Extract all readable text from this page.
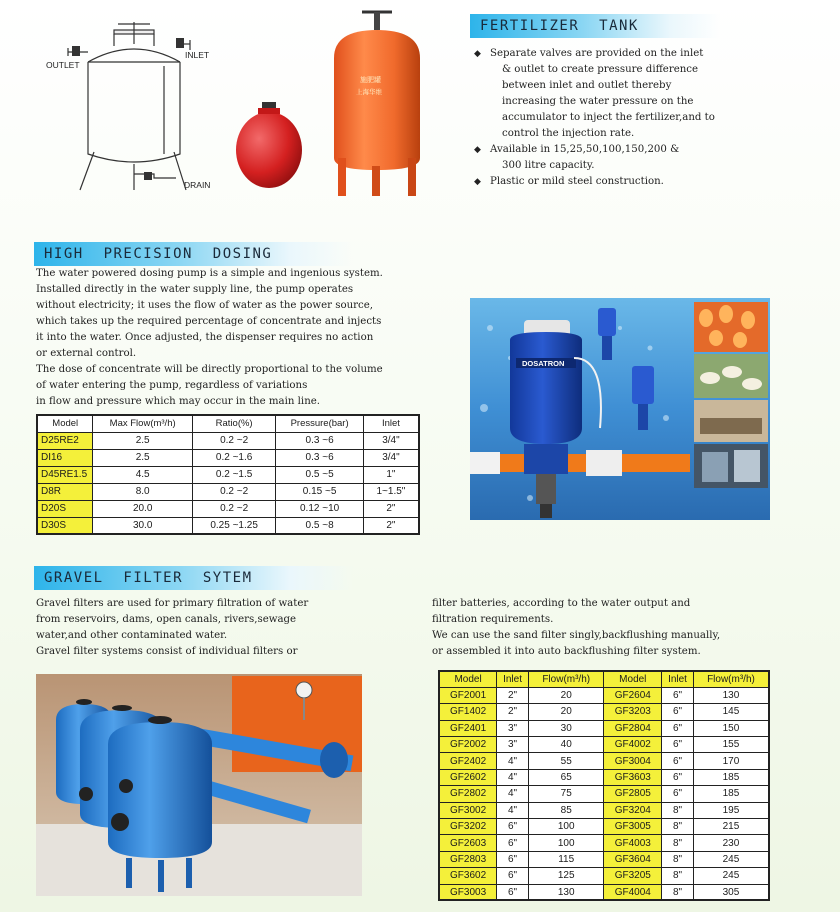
OUTLET
INLET
DRAIN
施肥罐
上海华维
FERTILIZER  TANK
◆ Separate valves are provided on the inlet
& outlet to create pressure difference
between inlet and outlet thereby
increasing the water pressure on the
accumulator to inject the fertilizer,and to
control the injection rate.
◆ Available in 15,25,50,100,150,200 &
300 litre capacity.
◆ Plastic or mild steel construction.
HIGH  PRECISION  DOSING
The water powered dosing pump is a simple and ingenious system.
Installed directly in the water supply line, the pump operates
without electricity; it uses the flow of water as the power source,
which takes up the required percentage of concentrate and injects
it into the water. Once adjusted, the dispenser requires no action
or external control.
The dose of concentrate will be directly proportional to the volume
of water entering the pump, regardless of variations
in flow and pressure which may occur in the main line.
Model	Max Flow(m³/h)	Ratio(%)	Pressure(bar)	Inlet
D25RE2	2.5	0.2 ~2	0.3 ~6	3/4"
DI16	2.5	0.2 ~1.6	0.3 ~6	3/4"
D45RE1.5	4.5	0.2 ~1.5	0.5 ~5	1"
D8R	8.0	0.2 ~2	0.15 ~5	1~1.5"
D20S	20.0	0.2 ~2	0.12 ~10	2"
D30S	30.0	0.25 ~1.25	0.5 ~8	2"
DOSATRON
GRAVEL  FILTER  SYTEM
Gravel filters are used for primary filtration of water
from reservoirs, dams, open canals, rivers,sewage
water,and other contaminated water.
Gravel filter systems consist of individual filters or
filter batteries, according to the water output and
filtration requirements.
We can use the sand filter singly,backflushing manually,
or assembled it into auto backflushing filter system.
Model	Inlet	Flow(m³/h)	Model	Inlet	Flow(m³/h)
GF2001	2"	20	GF2604	6"	130
GF1402	2"	20	GF3203	6"	145
GF2401	3"	30	GF2804	6"	150
GF2002	3"	40	GF4002	6"	155
GF2402	4"	55	GF3004	6"	170
GF2602	4"	65	GF3603	6"	185
GF2802	4"	75	GF2805	6"	185
GF3002	4"	85	GF3204	8"	195
GF3202	6"	100	GF3005	8"	215
GF2603	6"	100	GF4003	8"	230
GF2803	6"	115	GF3604	8"	245
GF3602	6"	125	GF3205	8"	245
GF3003	6"	130	GF4004	8"	305
